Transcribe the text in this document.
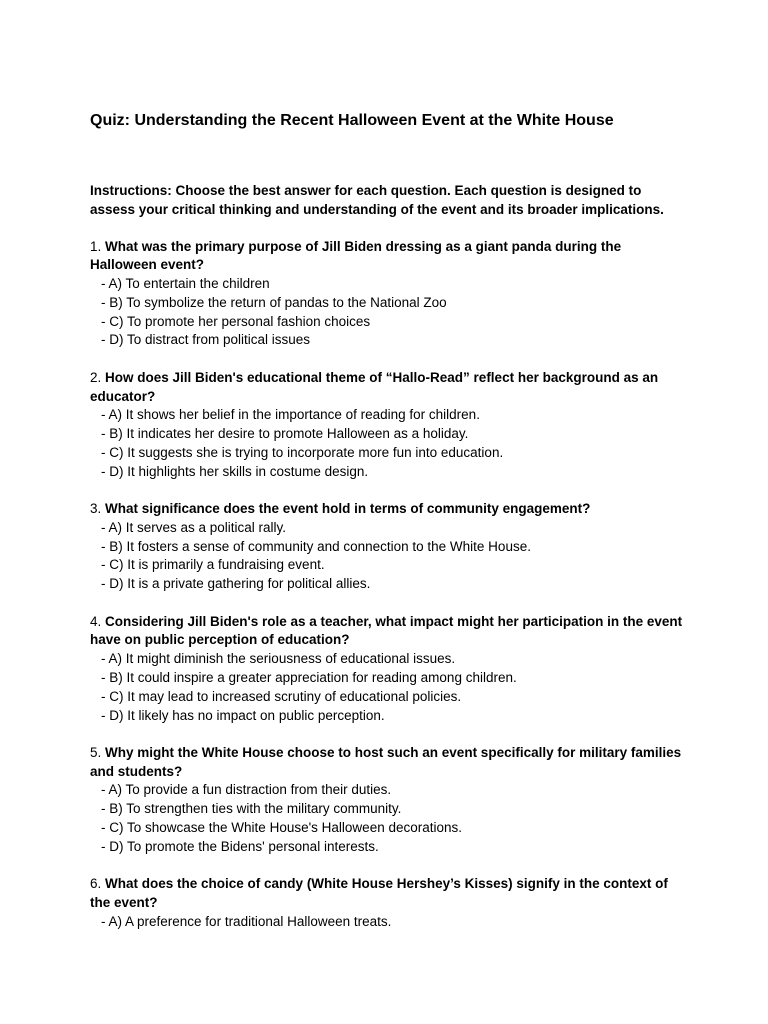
Quiz: Understanding the Recent Halloween Event at the White House
Instructions: Choose the best answer for each question. Each question is designed to assess your critical thinking and understanding of the event and its broader implications.
1. What was the primary purpose of Jill Biden dressing as a giant panda during the Halloween event?
- A) To entertain the children
- B) To symbolize the return of pandas to the National Zoo
- C) To promote her personal fashion choices
- D) To distract from political issues
2. How does Jill Biden's educational theme of “Hallo-Read” reflect her background as an educator?
- A) It shows her belief in the importance of reading for children.
- B) It indicates her desire to promote Halloween as a holiday.
- C) It suggests she is trying to incorporate more fun into education.
- D) It highlights her skills in costume design.
3. What significance does the event hold in terms of community engagement?
- A) It serves as a political rally.
- B) It fosters a sense of community and connection to the White House.
- C) It is primarily a fundraising event.
- D) It is a private gathering for political allies.
4. Considering Jill Biden's role as a teacher, what impact might her participation in the event have on public perception of education?
- A) It might diminish the seriousness of educational issues.
- B) It could inspire a greater appreciation for reading among children.
- C) It may lead to increased scrutiny of educational policies.
- D) It likely has no impact on public perception.
5. Why might the White House choose to host such an event specifically for military families and students?
- A) To provide a fun distraction from their duties.
- B) To strengthen ties with the military community.
- C) To showcase the White House's Halloween decorations.
- D) To promote the Bidens' personal interests.
6. What does the choice of candy (White House Hershey’s Kisses) signify in the context of the event?
- A) A preference for traditional Halloween treats.
